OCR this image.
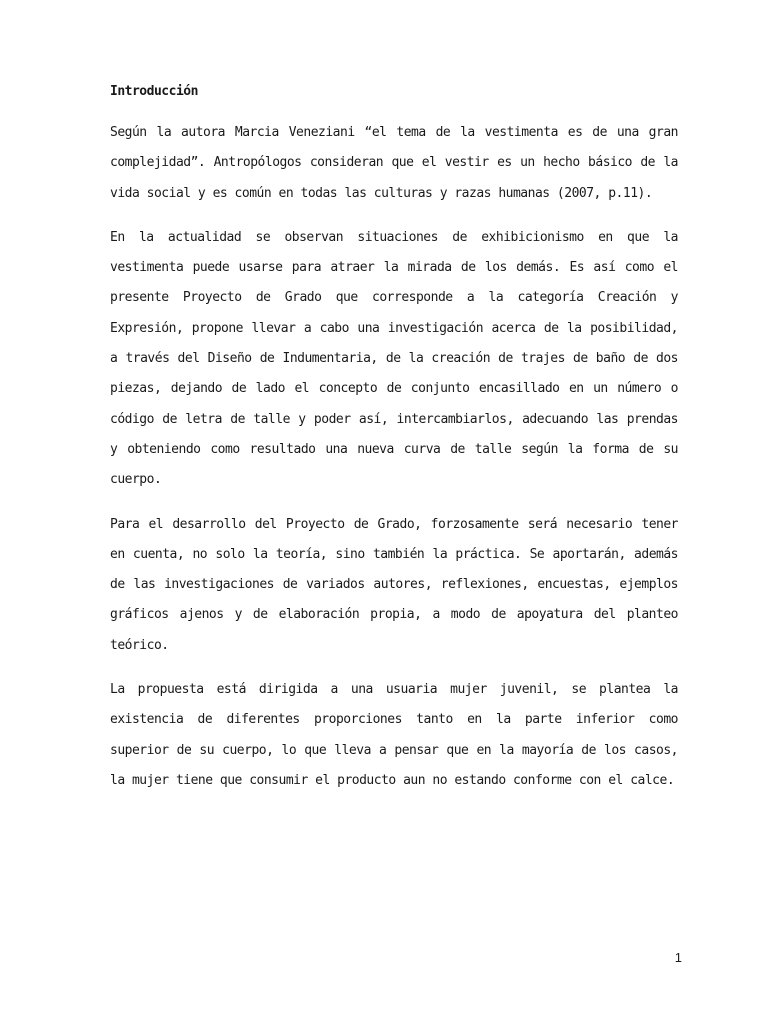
Introducción

Según la autora Marcia Veneziani “el tema de la vestimenta es de una gran complejidad”. Antropólogos consideran que el vestir es un hecho básico de la vida social y es común en todas las culturas y razas humanas (2007, p.11).

En la actualidad se observan situaciones de exhibicionismo en que la vestimenta puede usarse para atraer la mirada de los demás. Es así como el presente Proyecto de Grado que corresponde a la categoría Creación y Expresión, propone llevar a cabo una investigación acerca de la posibilidad, a través del Diseño de Indumentaria, de la creación de trajes de baño de dos piezas, dejando de lado el concepto de conjunto encasillado en un número o código de letra de talle y poder así, intercambiarlos, adecuando las prendas y obteniendo como resultado una nueva curva de talle según la forma de su cuerpo.

Para el desarrollo del Proyecto de Grado, forzosamente será necesario tener en cuenta, no solo la teoría, sino también la práctica. Se aportarán, además de las investigaciones de variados autores, reflexiones, encuestas, ejemplos gráficos ajenos y de elaboración propia, a modo de apoyatura del planteo teórico.

La propuesta está dirigida a una usuaria mujer juvenil, se plantea la existencia de diferentes proporciones tanto en la parte inferior como superior de su cuerpo, lo que lleva a pensar que en la mayoría de los casos, la mujer tiene que consumir el producto aun no estando conforme con el calce.

1
